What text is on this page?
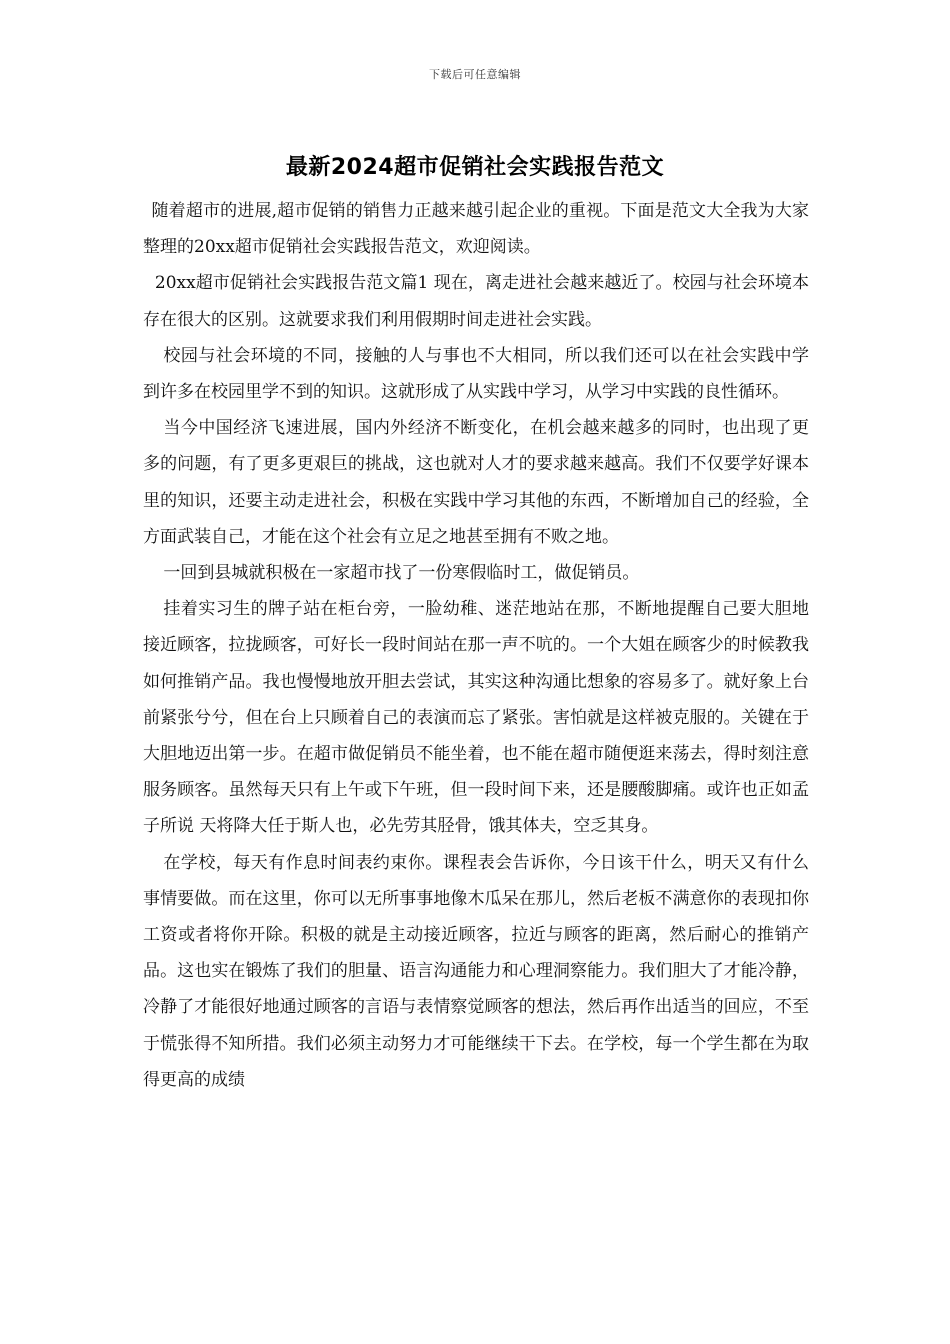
下载后可任意编辑
最新2024超市促销社会实践报告范文

随着超市的进展,超市促销的销售力正越来越引起企业的重视。下面是范文大全我为大家整理的20xx超市促销社会实践报告范文，欢迎阅读。

20xx超市促销社会实践报告范文篇1 现在，离走进社会越来越近了。校园与社会环境本存在很大的区别。这就要求我们利用假期时间走进社会实践。

校园与社会环境的不同，接触的人与事也不大相同，所以我们还可以在社会实践中学到许多在校园里学不到的知识。这就形成了从实践中学习，从学习中实践的良性循环。

当今中国经济飞速进展，国内外经济不断变化，在机会越来越多的同时，也出现了更多的问题，有了更多更艰巨的挑战，这也就对人才的要求越来越高。我们不仅要学好课本里的知识，还要主动走进社会，积极在实践中学习其他的东西，不断增加自己的经验，全方面武装自己，才能在这个社会有立足之地甚至拥有不败之地。

一回到县城就积极在一家超市找了一份寒假临时工，做促销员。

挂着实习生的牌子站在柜台旁，一脸幼稚、迷茫地站在那，不断地提醒自己要大胆地接近顾客，拉拢顾客，可好长一段时间站在那一声不吭的。一个大姐在顾客少的时候教我如何推销产品。我也慢慢地放开胆去尝试，其实这种沟通比想象的容易多了。就好象上台前紧张兮兮，但在台上只顾着自己的表演而忘了紧张。害怕就是这样被克服的。关键在于大胆地迈出第一步。在超市做促销员不能坐着，也不能在超市随便逛来荡去，得时刻注意服务顾客。虽然每天只有上午或下午班，但一段时间下来，还是腰酸脚痛。或许也正如孟子所说 天将降大任于斯人也，必先劳其胫骨，饿其体夫，空乏其身。

在学校，每天有作息时间表约束你。课程表会告诉你，今日该干什么，明天又有什么事情要做。而在这里，你可以无所事事地像木瓜呆在那儿，然后老板不满意你的表现扣你工资或者将你开除。积极的就是主动接近顾客，拉近与顾客的距离，然后耐心的推销产品。这也实在锻炼了我们的胆量、语言沟通能力和心理洞察能力。我们胆大了才能冷静，冷静了才能很好地通过顾客的言语与表情察觉顾客的想法，然后再作出适当的回应，不至于慌张得不知所措。我们必须主动努力才可能继续干下去。在学校，每一个学生都在为取得更高的成绩
